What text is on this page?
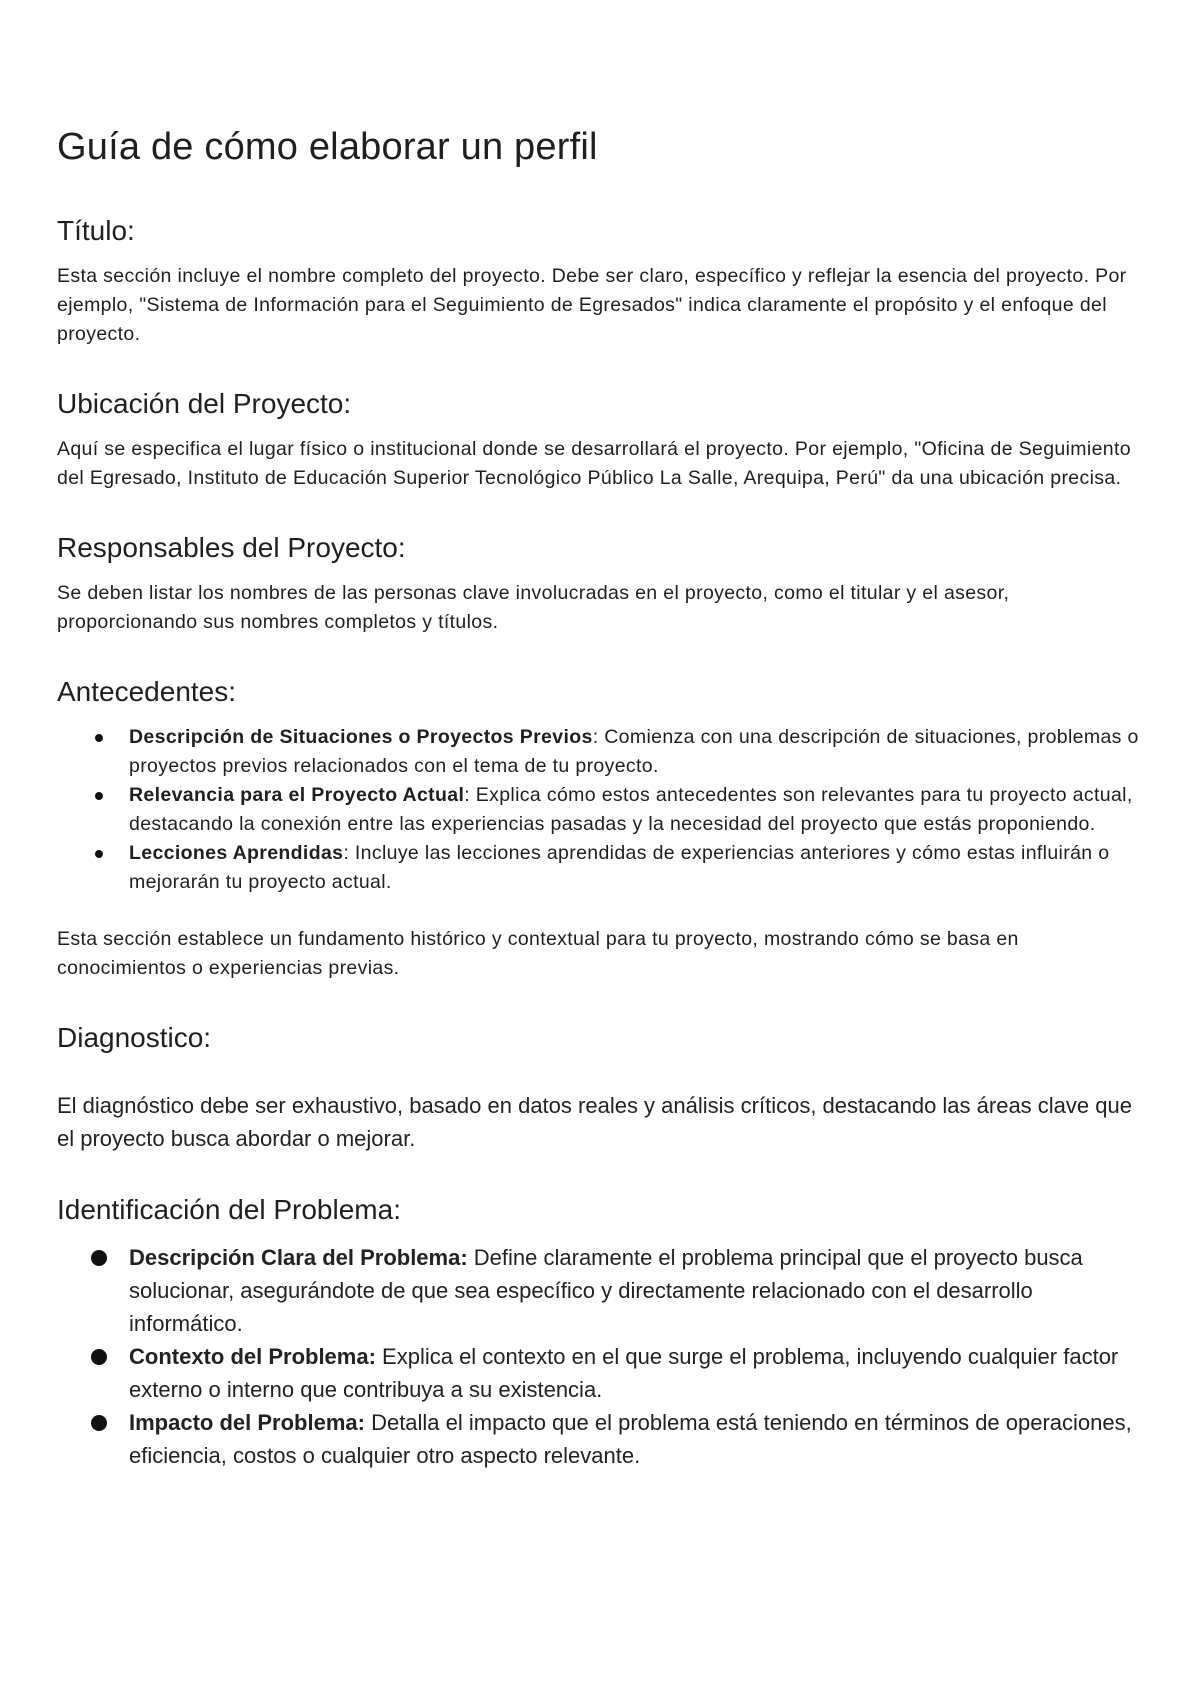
Guía de cómo elaborar un perfil
Título:

Esta sección incluye el nombre completo del proyecto. Debe ser claro, específico y reflejar la esencia del proyecto. Por ejemplo, "Sistema de Información para el Seguimiento de Egresados" indica claramente el propósito y el enfoque del proyecto.

Ubicación del Proyecto:

Aquí se especifica el lugar físico o institucional donde se desarrollará el proyecto. Por ejemplo, "Oficina de Seguimiento del Egresado, Instituto de Educación Superior Tecnológico Público La Salle, Arequipa, Perú" da una ubicación precisa.

Responsables del Proyecto:

Se deben listar los nombres de las personas clave involucradas en el proyecto, como el titular y el asesor, proporcionando sus nombres completos y títulos.

Antecedentes:
Descripción de Situaciones o Proyectos Previos: Comienza con una descripción de situaciones, problemas o proyectos previos relacionados con el tema de tu proyecto.
Relevancia para el Proyecto Actual: Explica cómo estos antecedentes son relevantes para tu proyecto actual, destacando la conexión entre las experiencias pasadas y la necesidad del proyecto que estás proponiendo.
Lecciones Aprendidas: Incluye las lecciones aprendidas de experiencias anteriores y cómo estas influirán o mejorarán tu proyecto actual.

Esta sección establece un fundamento histórico y contextual para tu proyecto, mostrando cómo se basa en conocimientos o experiencias previas.

Diagnostico:

El diagnóstico debe ser exhaustivo, basado en datos reales y análisis críticos, destacando las áreas clave que el proyecto busca abordar o mejorar.

Identificación del Problema:
Descripción Clara del Problema: Define claramente el problema principal que el proyecto busca solucionar, asegurándote de que sea específico y directamente relacionado con el desarrollo informático.
Contexto del Problema: Explica el contexto en el que surge el problema, incluyendo cualquier factor externo o interno que contribuya a su existencia.
Impacto del Problema: Detalla el impacto que el problema está teniendo en términos de operaciones, eficiencia, costos o cualquier otro aspecto relevante.
